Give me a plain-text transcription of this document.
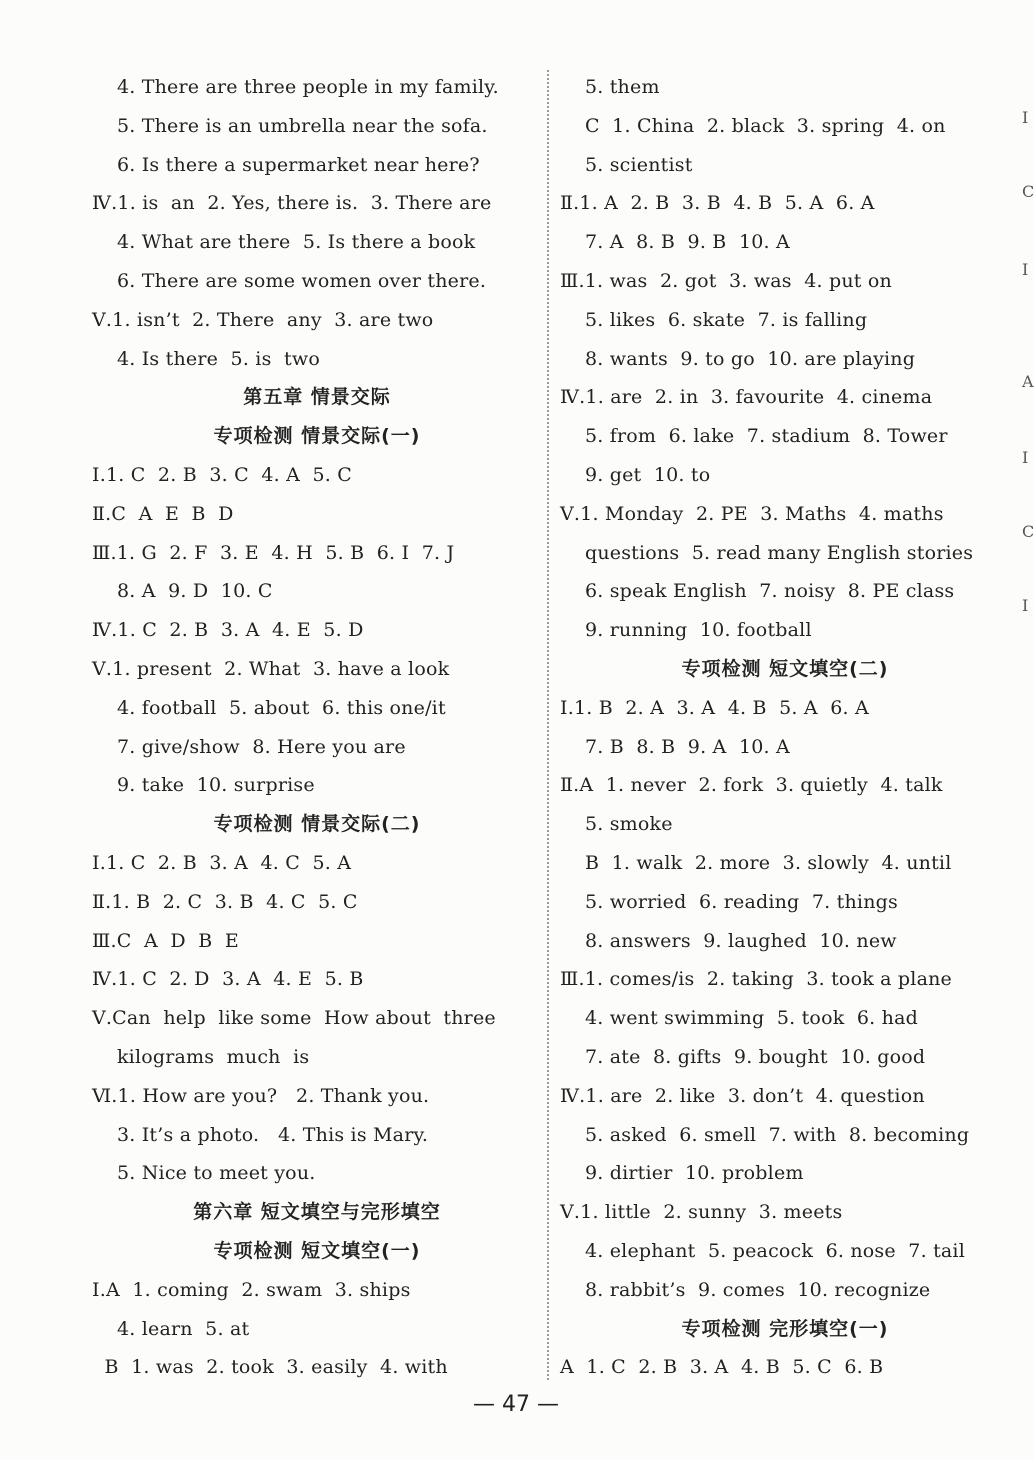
4. There are three people in my family.
5. There is an umbrella near the sofa.
6. Is there a supermarket near here?
Ⅳ.1. is  an  2. Yes, there is.  3. There are
4. What are there  5. Is there a book
6. There are some women over there.
Ⅴ.1. isn’t  2. There  any  3. are two
4. Is there  5. is  two
第五章 情景交际
专项检测 情景交际(一)
Ⅰ.1. C  2. B  3. C  4. A  5. C
Ⅱ.C  A  E  B  D
Ⅲ.1. G  2. F  3. E  4. H  5. B  6. I  7. J
8. A  9. D  10. C
Ⅳ.1. C  2. B  3. A  4. E  5. D
Ⅴ.1. present  2. What  3. have a look
4. football  5. about  6. this one/it
7. give/show  8. Here you are
9. take  10. surprise
专项检测 情景交际(二)
Ⅰ.1. C  2. B  3. A  4. C  5. A
Ⅱ.1. B  2. C  3. B  4. C  5. C
Ⅲ.C  A  D  B  E
Ⅳ.1. C  2. D  3. A  4. E  5. B
Ⅴ.Can  help  like some  How about  three
kilograms  much  is
Ⅵ.1. How are you?   2. Thank you.
3. It’s a photo.   4. This is Mary.
5. Nice to meet you.
第六章 短文填空与完形填空
专项检测 短文填空(一)
Ⅰ.A  1. coming  2. swam  3. ships
4. learn  5. at
B  1. was  2. took  3. easily  4. with
5. them
C  1. China  2. black  3. spring  4. on
5. scientist
Ⅱ.1. A  2. B  3. B  4. B  5. A  6. A
7. A  8. B  9. B  10. A
Ⅲ.1. was  2. got  3. was  4. put on
5. likes  6. skate  7. is falling
8. wants  9. to go  10. are playing
Ⅳ.1. are  2. in  3. favourite  4. cinema
5. from  6. lake  7. stadium  8. Tower
9. get  10. to
Ⅴ.1. Monday  2. PE  3. Maths  4. maths
questions  5. read many English stories
6. speak English  7. noisy  8. PE class
9. running  10. football
专项检测 短文填空(二)
Ⅰ.1. B  2. A  3. A  4. B  5. A  6. A
7. B  8. B  9. A  10. A
Ⅱ.A  1. never  2. fork  3. quietly  4. talk
5. smoke
B  1. walk  2. more  3. slowly  4. until
5. worried  6. reading  7. things
8. answers  9. laughed  10. new
Ⅲ.1. comes/is  2. taking  3. took a plane
4. went swimming  5. took  6. had
7. ate  8. gifts  9. bought  10. good
Ⅳ.1. are  2. like  3. don’t  4. question
5. asked  6. smell  7. with  8. becoming
9. dirtier  10. problem
Ⅴ.1. little  2. sunny  3. meets
4. elephant  5. peacock  6. nose  7. tail
8. rabbit’s  9. comes  10. recognize
专项检测 完形填空(一)
A  1. C  2. B  3. A  4. B  5. C  6. B
I
C
I
A
I
C
I
— 47 —
